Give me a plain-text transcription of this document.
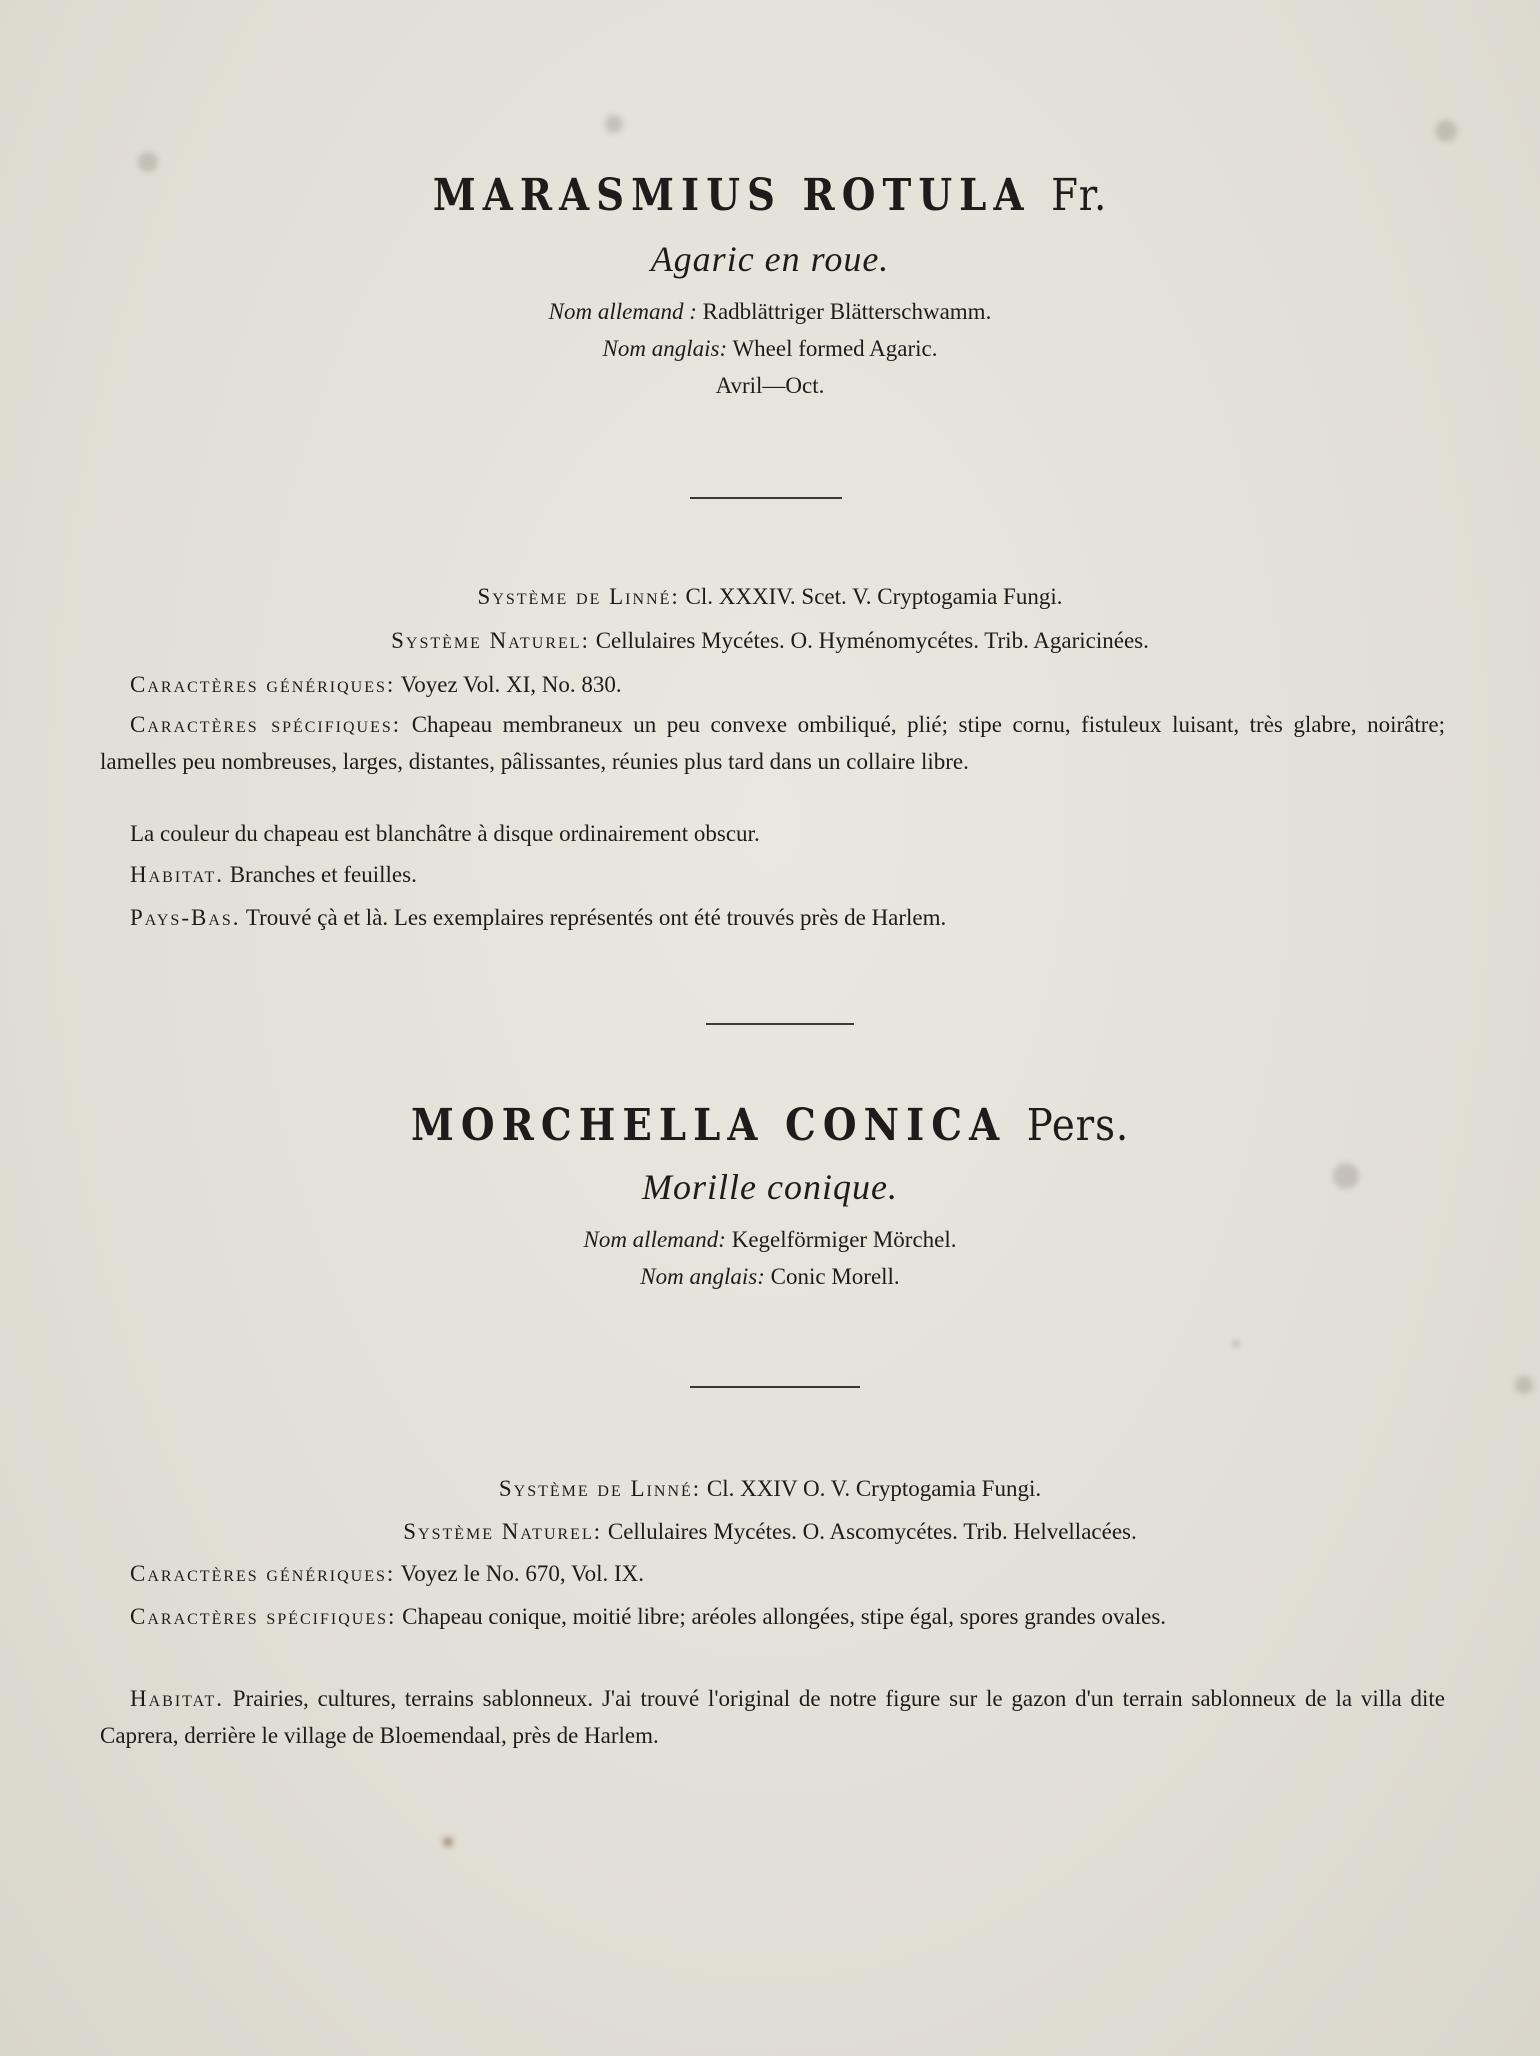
MARASMIUS ROTULA Fr.

Agaric en roue.

Nom allemand : Radblättriger Blätterschwamm.

Nom anglais: Wheel formed Agaric.

Avril—Oct.

Système de Linné: Cl. XXXIV. Scet. V. Cryptogamia Fungi.
Système Naturel: Cellulaires Mycétes. O. Hyménomycétes. Trib. Agaricinées.
Caractères génériques: Voyez Vol. XI, No. 830.
Caractères spécifiques: Chapeau membraneux un peu convexe ombiliqué, plié; stipe cornu, fistuleux luisant, très glabre, noirâtre; lamelles peu nombreuses, larges, distantes, pâlissantes, réunies plus tard dans un collaire libre.
La couleur du chapeau est blanchâtre à disque ordinairement obscur.
Habitat. Branches et feuilles.
Pays-Bas. Trouvé çà et là. Les exemplaires représentés ont été trouvés près de Harlem.

MORCHELLA CONICA Pers.

Morille conique.

Nom allemand: Kegelförmiger Mörchel.

Nom anglais: Conic Morell.

Système de Linné: Cl. XXIV O. V. Cryptogamia Fungi.
Système Naturel: Cellulaires Mycétes. O. Ascomycétes. Trib. Helvellacées.
Caractères génériques: Voyez le No. 670, Vol. IX.
Caractères spécifiques: Chapeau conique, moitié libre; aréoles allongées, stipe égal, spores grandes ovales.
Habitat. Prairies, cultures, terrains sablonneux. J'ai trouvé l'original de notre figure sur le gazon d'un terrain sablonneux de la villa dite Caprera, derrière le village de Bloemendaal, près de Harlem.
